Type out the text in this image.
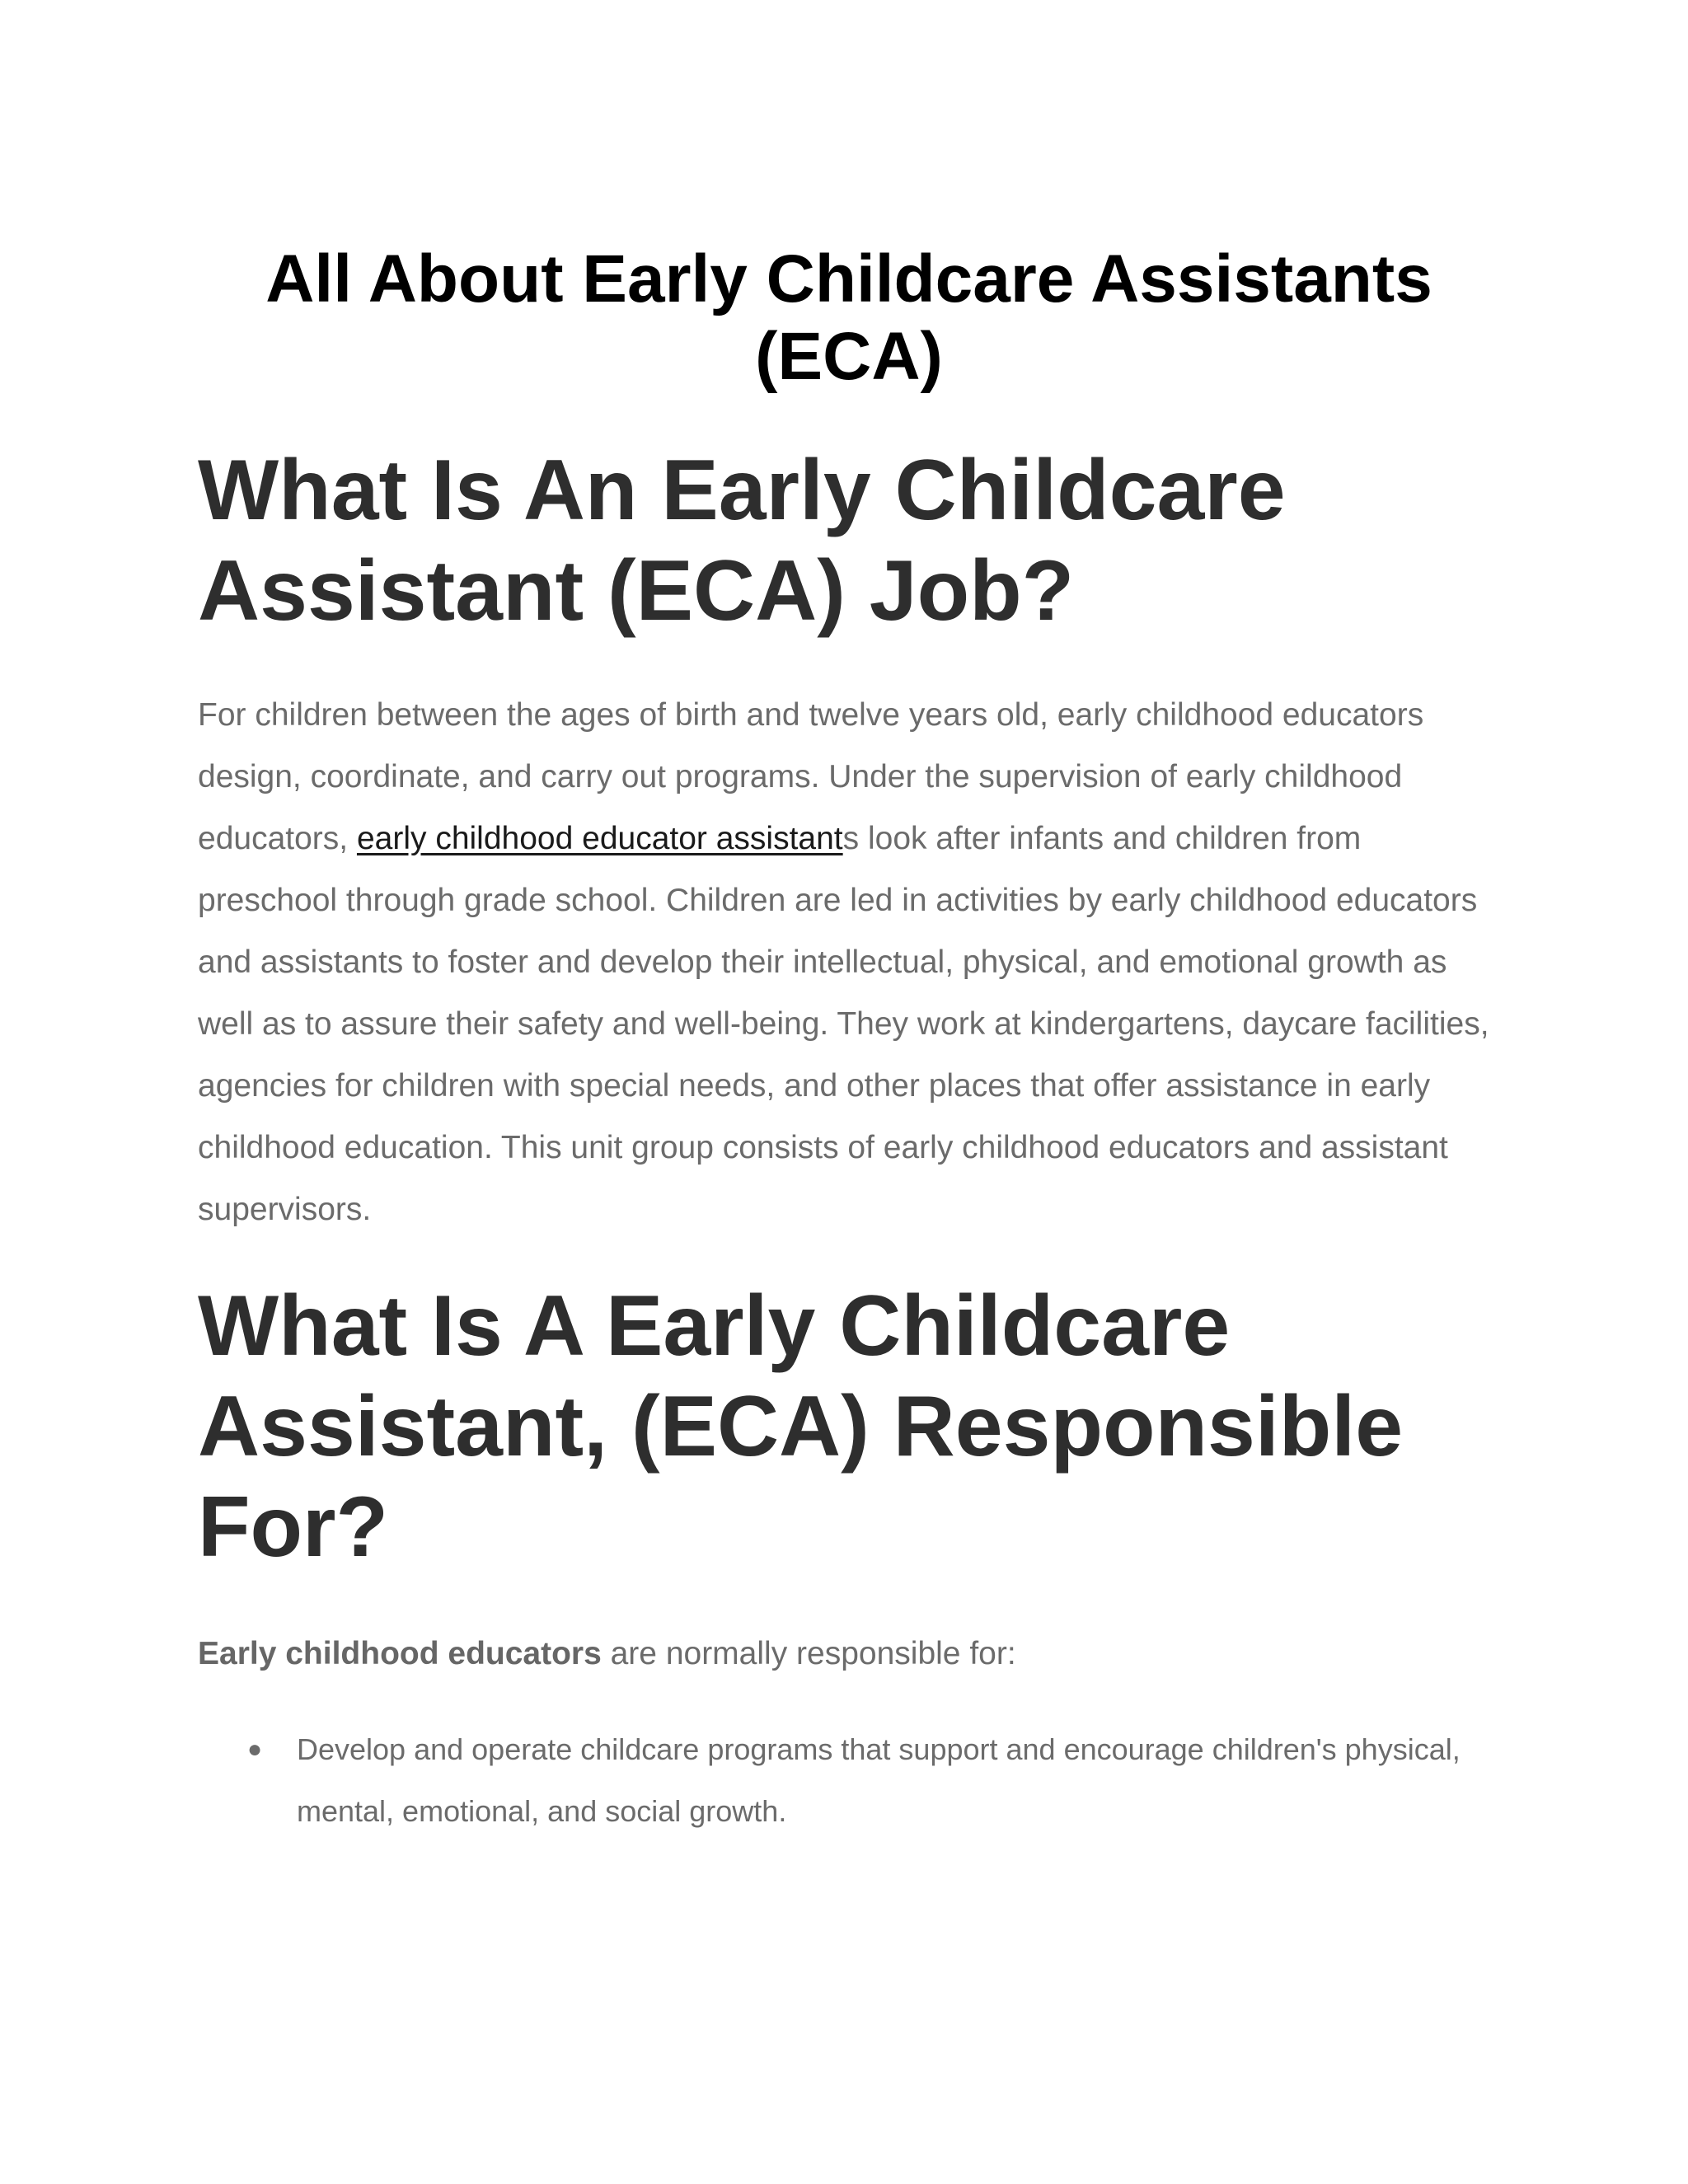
All About Early Childcare Assistants (ECA)
What Is An Early Childcare Assistant (ECA) Job?

For children between the ages of birth and twelve years old, early childhood educators design, coordinate, and carry out programs. Under the supervision of early childhood educators, early childhood educator assistants look after infants and children from preschool through grade school. Children are led in activities by early childhood educators and assistants to foster and develop their intellectual, physical, and emotional growth as well as to assure their safety and well-being. They work at kindergartens, daycare facilities, agencies for children with special needs, and other places that offer assistance in early childhood education. This unit group consists of early childhood educators and assistant supervisors.

What Is A Early Childcare Assistant, (ECA) Responsible For?

Early childhood educators are normally responsible for:

● Develop and operate childcare programs that support and encourage children's physical, mental, emotional, and social growth.
